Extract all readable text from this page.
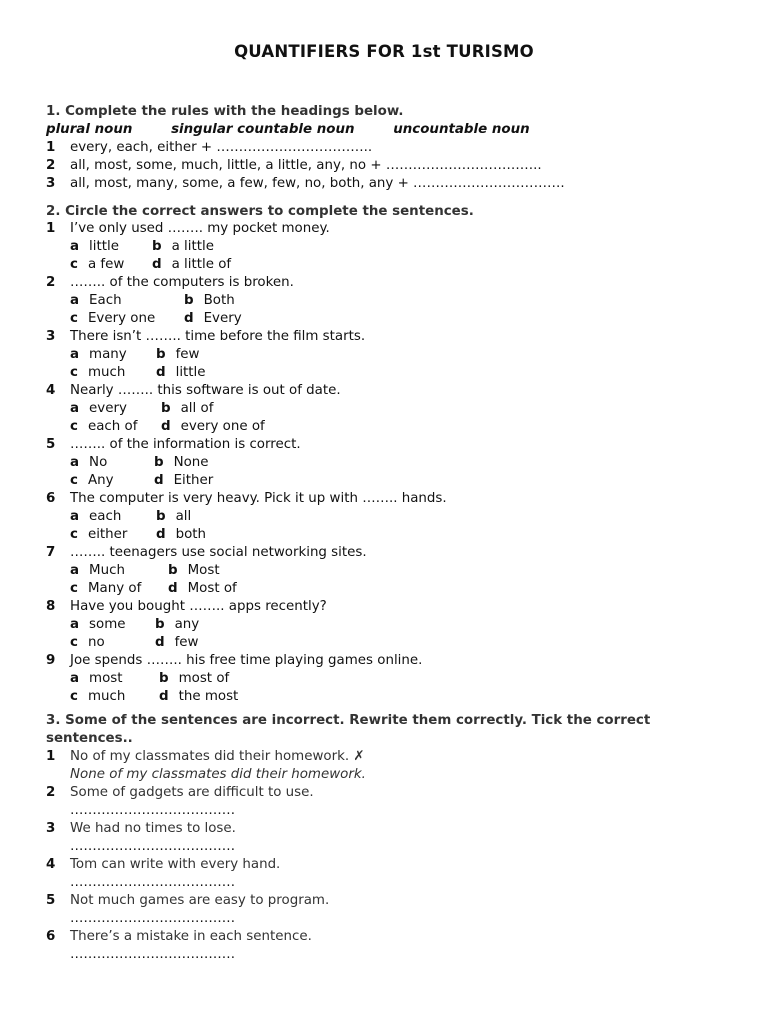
QUANTIFIERS FOR 1st TURISMO
1. Complete the rules with the headings below.
plural noun	singular countable noun	uncountable noun
1 every, each, either + ……………………………..
2 all, most, some, much, little, a little, any, no + ……………………………..
3 all, most, many, some, a few, few, no, both, any + …………………………….
2. Circle the correct answers to complete the sentences.
1 I’ve only used …….. my pocket money.
a little b a little
c a few d a little of
2 …….. of the computers is broken.
a Each	b Both
c Every one d Every
3 There isn’t …….. time before the film starts.
a many b few
c much d little
4 Nearly …….. this software is out of date.
a every	b all of
c each of d every one of
5 …….. of the information is correct.
a No	b None
c Any	d Either
6 The computer is very heavy. Pick it up with …….. hands.
a each	b all
c either d both
7 …….. teenagers use social networking sites.
a Much	b Most
c Many of d Most of
8 Have you bought …….. apps recently?
a some b any
c no	d few
9 Joe spends …….. his free time playing games online.
a most	b most of
c much	d the most
3. Some of the sentences are incorrect. Rewrite them correctly. Tick the correct
sentences..
1 No of my classmates did their homework. ✗
None of my classmates did their homework.
2 Some of gadgets are difficult to use.
……………………………….
3 We had no times to lose.
……………………………….
4 Tom can write with every hand.
……………………………….
5 Not much games are easy to program.
……………………………….
6 There’s a mistake in each sentence.
……………………………….
